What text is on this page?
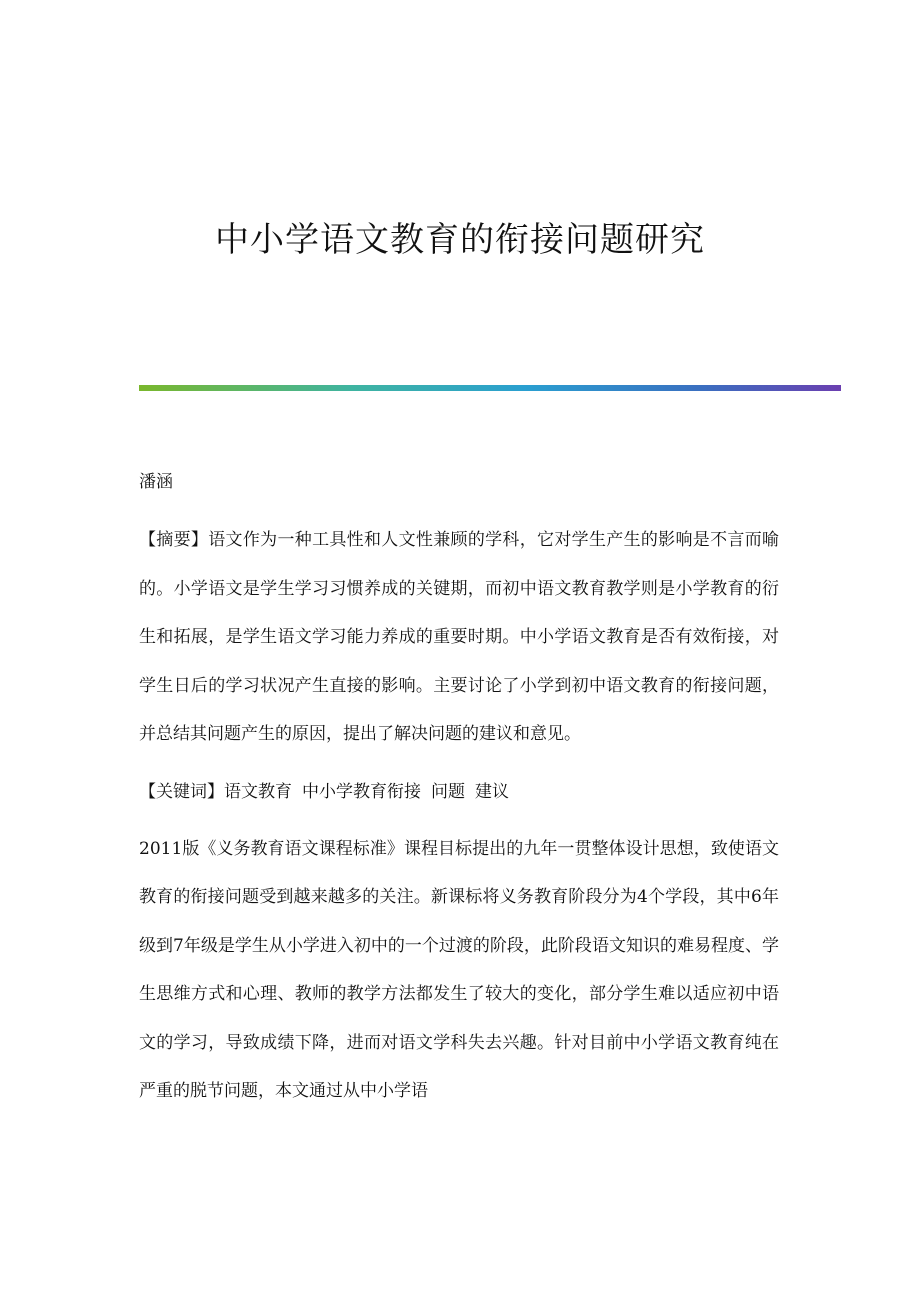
中小学语文教育的衔接问题研究

潘涵

【摘要】语文作为一种工具性和人文性兼顾的学科，它对学生产生的影响是不言而喻的。小学语文是学生学习习惯养成的关键期，而初中语文教育教学则是小学教育的衍生和拓展，是学生语文学习能力养成的重要时期。中小学语文教育是否有效衔接，对学生日后的学习状况产生直接的影响。主要讨论了小学到初中语文教育的衔接问题，并总结其问题产生的原因，提出了解决问题的建议和意见。

【关键词】语文教育 中小学教育衔接 问题 建议

2011版《义务教育语文课程标准》课程目标提出的九年一贯整体设计思想，致使语文教育的衔接问题受到越来越多的关注。新课标将义务教育阶段分为4个学段，其中6年级到7年级是学生从小学进入初中的一个过渡的阶段，此阶段语文知识的难易程度、学生思维方式和心理、教师的教学方法都发生了较大的变化，部分学生难以适应初中语文的学习，导致成绩下降，进而对语文学科失去兴趣。针对目前中小学语文教育纯在严重的脱节问题，本文通过从中小学语
